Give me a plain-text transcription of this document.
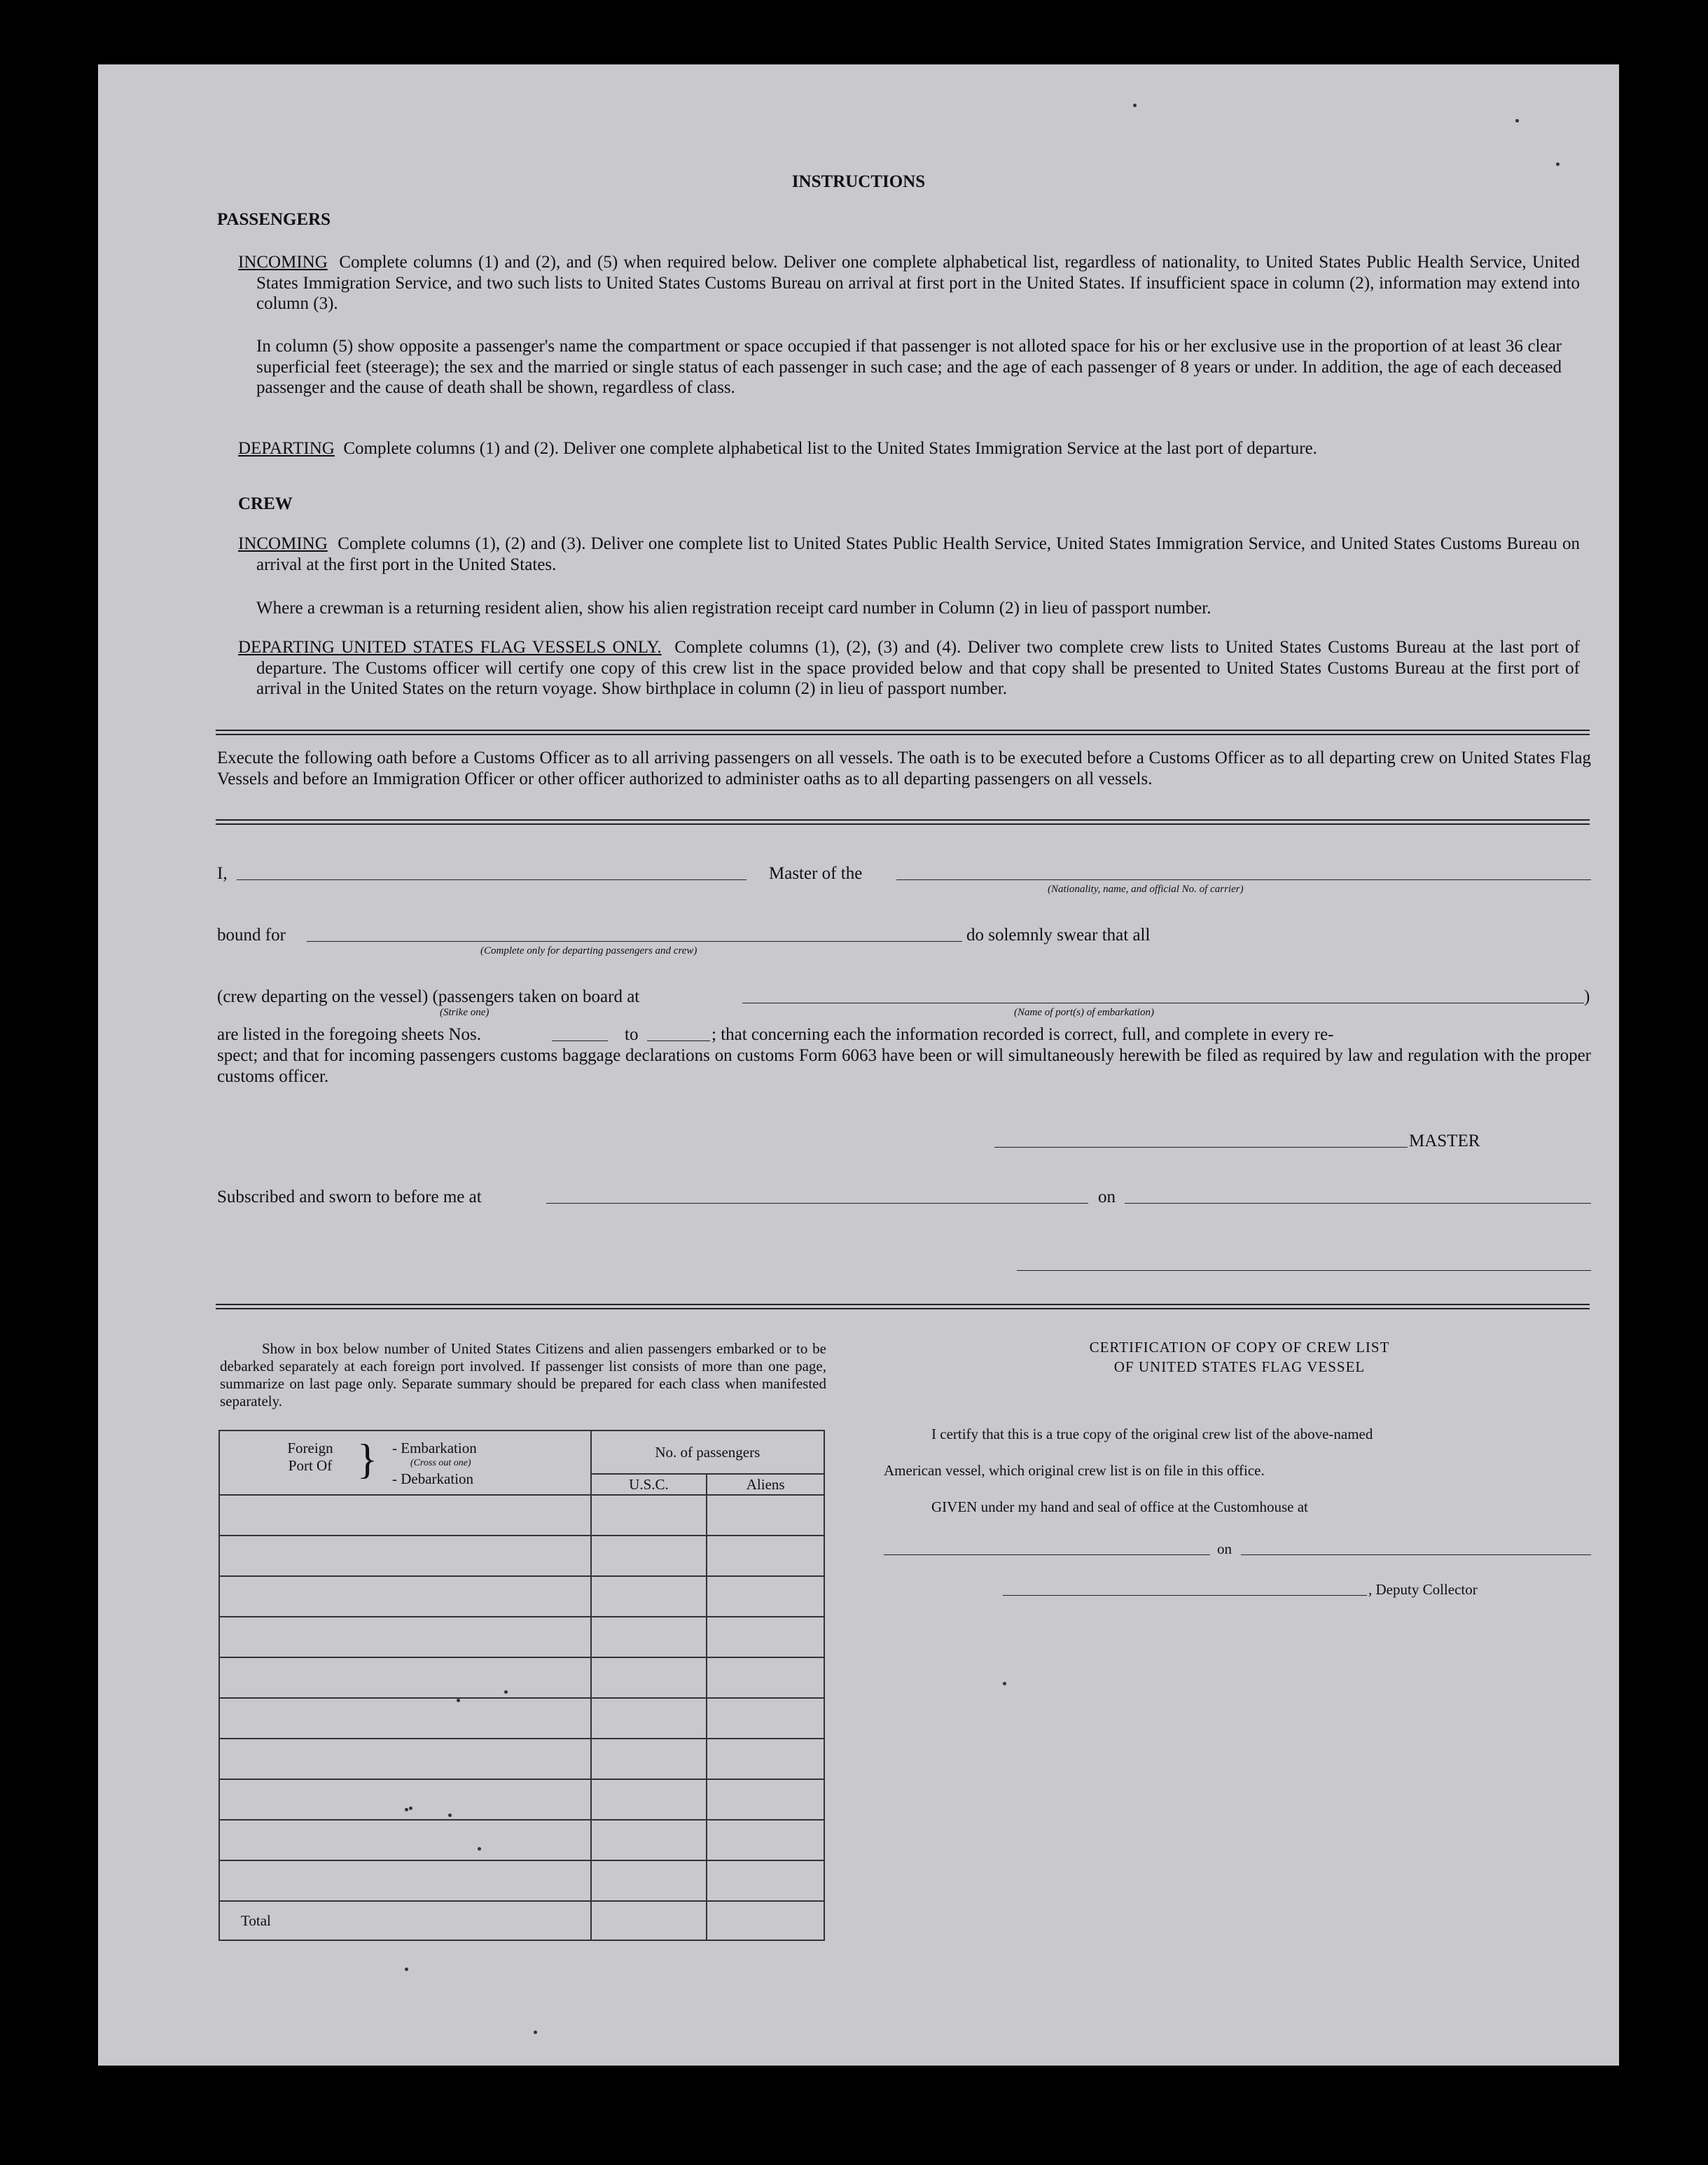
INSTRUCTIONS
PASSENGERS
INCOMING Complete columns (1) and (2), and (5) when required below. Deliver one complete alphabetical list, regardless of nationality, to United States Public Health Service, United States Immigration Service, and two such lists to United States Customs Bureau on arrival at first port in the United States. If insufficient space in column (2), information may extend into column (3).
In column (5) show opposite a passenger's name the compartment or space occupied if that passenger is not alloted space for his or her exclusive use in the proportion of at least 36 clear superficial feet (steerage); the sex and the married or single status of each passenger in such case; and the age of each passenger of 8 years or under. In addition, the age of each deceased passenger and the cause of death shall be shown, regardless of class.
DEPARTING Complete columns (1) and (2). Deliver one complete alphabetical list to the United States Immigration Service at the last port of departure.
CREW
INCOMING Complete columns (1), (2) and (3). Deliver one complete list to United States Public Health Service, United States Immigration Service, and United States Customs Bureau on arrival at the first port in the United States.
Where a crewman is a returning resident alien, show his alien registration receipt card number in Column (2) in lieu of passport number.
DEPARTING UNITED STATES FLAG VESSELS ONLY. Complete columns (1), (2), (3) and (4). Deliver two complete crew lists to United States Customs Bureau at the last port of departure. The Customs officer will certify one copy of this crew list in the space provided below and that copy shall be presented to United States Customs Bureau at the first port of arrival in the United States on the return voyage. Show birthplace in column (2) in lieu of passport number.
Execute the following oath before a Customs Officer as to all arriving passengers on all vessels. The oath is to be executed before a Customs Officer as to all departing crew on United States Flag Vessels and before an Immigration Officer or other officer authorized to administer oaths as to all departing passengers on all vessels.
I,	Master of the
(Nationality, name, and official No. of carrier)
bound for
(Complete only for departing passengers and crew)
do solemnly swear that all
(crew departing on the vessel) (passengers taken on board at
(Strike one)
)
(Name of port(s) of embarkation)
are listed in the foregoing sheets Nos.	to	; that concerning each the information recorded is correct, full, and complete in every re-
spect; and that for incoming passengers customs baggage declarations on customs Form 6063 have been or will simultaneously herewith be filed as required by law and regulation with the proper customs officer.
MASTER
Subscribed and sworn to before me at	on
Show in box below number of United States Citizens and alien passengers embarked or to be debarked separately at each foreign port involved. If passenger list consists of more than one page, summarize on last page only. Separate summary should be prepared for each class when manifested separately.
Foreign Port Of } - Embarkation
(Cross out one)
- Debarkation	No. of passengers	
	U.S.C.	Aliens

Total		
CERTIFICATION OF COPY OF CREW LIST
OF UNITED STATES FLAG VESSEL
I certify that this is a true copy of the original crew list of the above-named
American vessel, which original crew list is on file in this office.
GIVEN under my hand and seal of office at the Customhouse at
on
, Deputy Collector
